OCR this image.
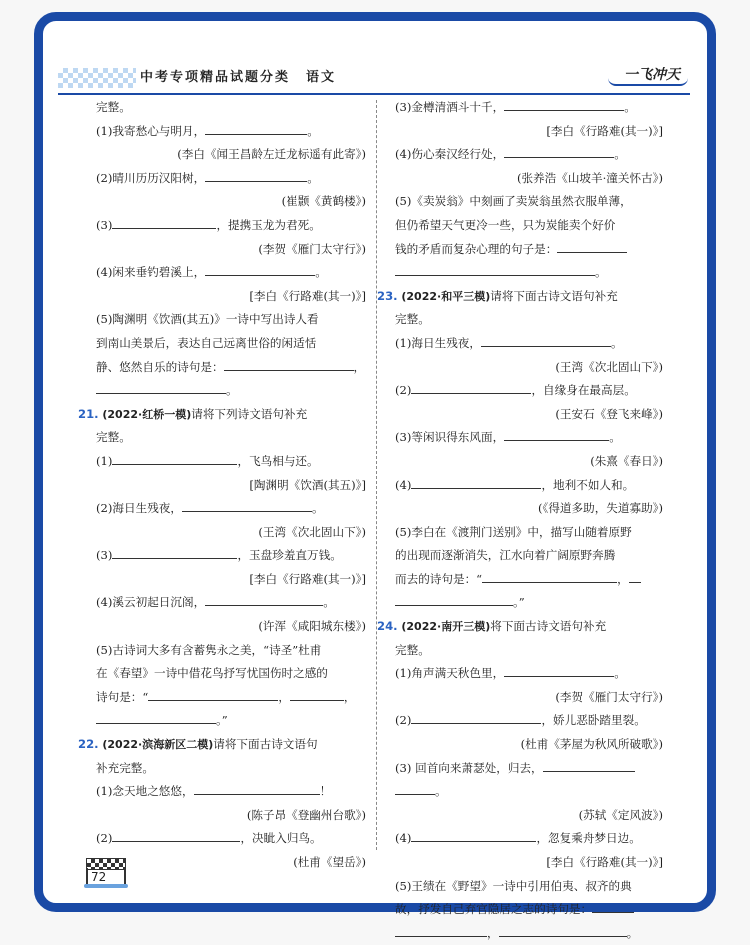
中考专项精品试题分类 语文	一飞冲天
完整。
(1)我寄愁心与明月，	。
(李白《闻王昌龄左迁龙标遥有此寄》)
(2)晴川历历汉阳树，	。
(崔颢《黄鹤楼》)
(3)	，提携玉龙为君死。
(李贺《雁门太守行》)
(4)闲来垂钓碧溪上，	。
[李白《行路难(其一)》]
(5)陶渊明《饮酒(其五)》一诗中写出诗人看
到南山美景后，表达自己远离世俗的闲适恬
静、悠然自乐的诗句是：	，
。
21. (2022·红桥一模)请将下列诗文语句补充
完整。
(1)	，飞鸟相与还。
[陶渊明《饮酒(其五)》]
(2)海日生残夜，	。
(王湾《次北固山下》)
(3)	，玉盘珍羞直万钱。
[李白《行路难(其一)》]
(4)溪云初起日沉阁，	。
(许浑《咸阳城东楼》)
(5)古诗词大多有含蓄隽永之美，“诗圣”杜甫
在《春望》一诗中借花鸟抒写忧国伤时之感的
诗句是：“	，	，
。”
22. (2022·滨海新区二模)请将下面古诗文语句
补充完整。
(1)念天地之悠悠，	！
(陈子昂《登幽州台歌》)
(2)	，决眦入归鸟。
(杜甫《望岳》)
(3)金樽清酒斗十千，	。
[李白《行路难(其一)》]
(4)伤心秦汉经行处，	。
(张养浩《山坡羊·潼关怀古》)
(5)《卖炭翁》中刻画了卖炭翁虽然衣服单薄，
但仍希望天气更冷一些，只为炭能卖个好价
钱的矛盾而复杂心理的句子是：
。
23. (2022·和平三模)请将下面古诗文语句补充
完整。
(1)海日生残夜，	。
(王湾《次北固山下》)
(2)	，自缘身在最高层。
(王安石《登飞来峰》)
(3)等闲识得东风面，	。
(朱熹《春日》)
(4)	，地利不如人和。
(《得道多助，失道寡助》)
(5)李白在《渡荆门送别》中，描写山随着原野
的出现而逐渐消失，江水向着广阔原野奔腾
而去的诗句是：“	，
。”
24. (2022·南开三模)将下面古诗文语句补充
完整。
(1)角声满天秋色里，	。
(李贺《雁门太守行》)
(2)	，娇儿恶卧踏里裂。
(杜甫《茅屋为秋风所破歌》)
(3) 回首向来萧瑟处，归去，
。
(苏轼《定风波》)
(4)	，忽复乘舟梦日边。
[李白《行路难(其一)》]
(5)王绩在《野望》一诗中引用伯夷、叔齐的典
故，抒发自己弃官隐居之志的诗句是：
，	。
72
